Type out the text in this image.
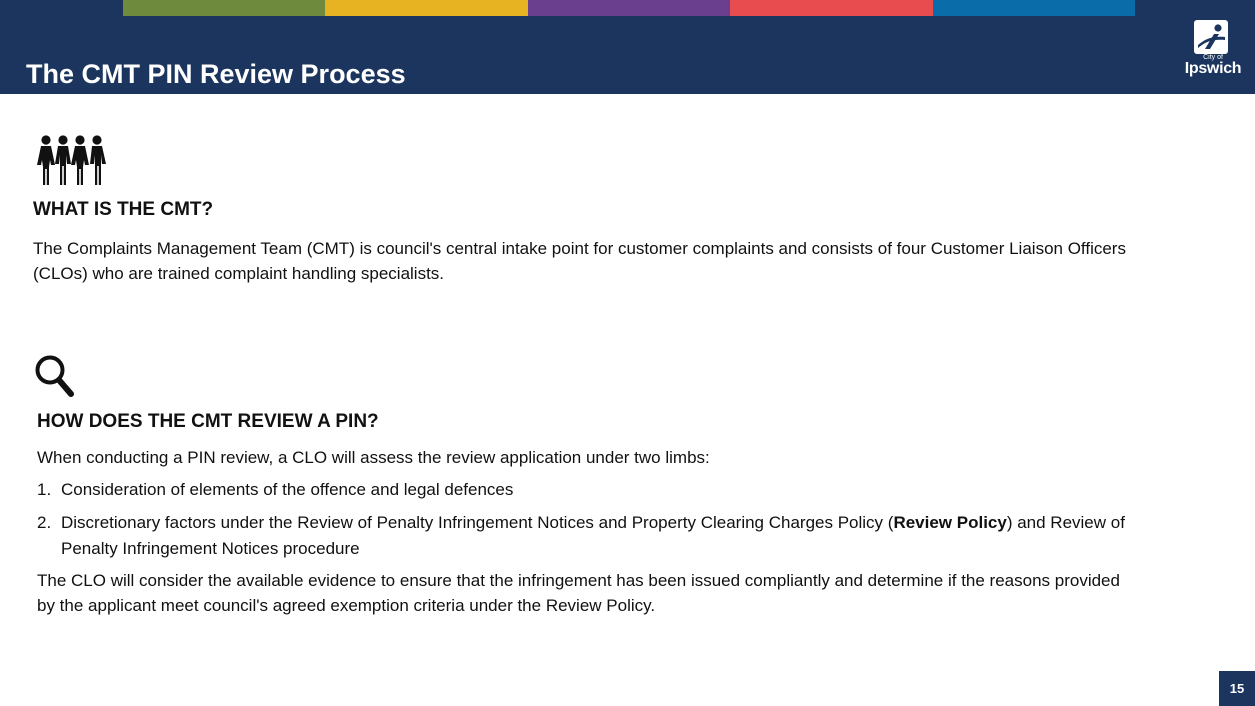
The CMT PIN Review Process
City of
Ipswich
WHAT IS THE CMT?
The Complaints Management Team (CMT) is council's central intake point for customer complaints and consists of four Customer Liaison Officers (CLOs) who are trained complaint handling specialists.
HOW DOES THE CMT REVIEW A PIN?
When conducting a PIN review, a CLO will assess the review application under two limbs:
1. Consideration of elements of the offence and legal defences
2. Discretionary factors under the Review of Penalty Infringement Notices and Property Clearing Charges Policy (Review Policy) and Review of Penalty Infringement Notices procedure
The CLO will consider the available evidence to ensure that the infringement has been issued compliantly and determine if the reasons provided by the applicant meet council's agreed exemption criteria under the Review Policy.
15
